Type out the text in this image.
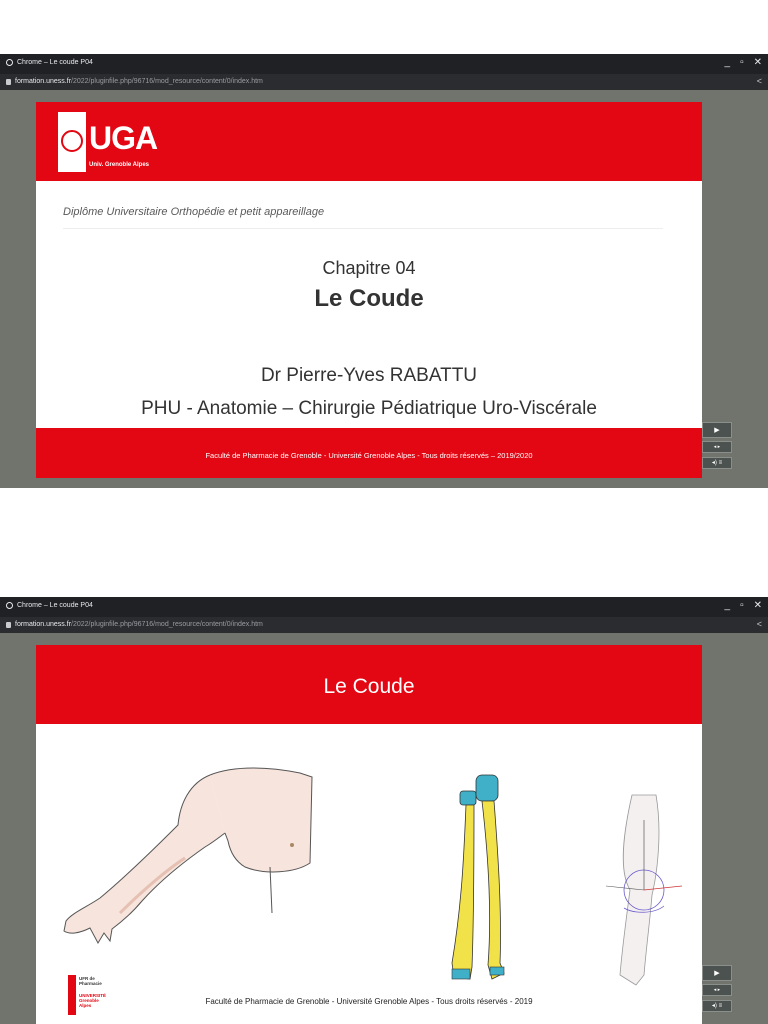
Chrome – Le coude P04	_ ▫ ✕
formation.uness.fr/2022/pluginfile.php/96716/mod_resource/content/0/index.htm	<
UGA
Univ. Grenoble Alpes
Diplôme Universitaire Orthopédie et petit appareillage
Chapitre 04
Le Coude
Dr Pierre-Yves RABATTU
PHU - Anatomie – Chirurgie Pédiatrique Uro-Viscérale
Faculté de Pharmacie de Grenoble - Université Grenoble Alpes - Tous droits réservés – 2019/2020
▶
◂ ▸
◂) ≡
Chrome – Le coude P04	_ ▫ ✕
formation.uness.fr/2022/pluginfile.php/96716/mod_resource/content/0/index.htm	<
Le Coude
UFR de
Pharmacie
UNIVERSITÉ
Grenoble
Alpes	Faculté de Pharmacie de Grenoble - Université Grenoble Alpes - Tous droits réservés - 2019
▶
◂ ▸
◂) ≡
